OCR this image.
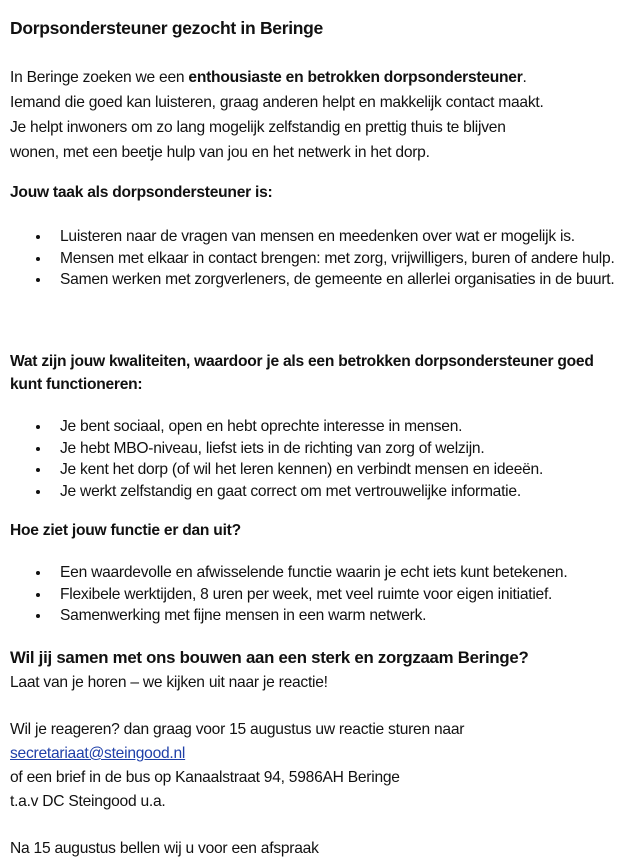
Dorpsondersteuner gezocht in Beringe
In Beringe zoeken we een enthousiaste en betrokken dorpsondersteuner.
Iemand die goed kan luisteren, graag anderen helpt en makkelijk contact maakt.
Je helpt inwoners om zo lang mogelijk zelfstandig en prettig thuis te blijven
wonen, met een beetje hulp van jou en het netwerk in het dorp.
Jouw taak als dorpsondersteuner is:
Luisteren naar de vragen van mensen en meedenken over wat er mogelijk is.
Mensen met elkaar in contact brengen: met zorg, vrijwilligers, buren of andere hulp.
Samen werken met zorgverleners, de gemeente en allerlei organisaties in de buurt.
Wat zijn jouw kwaliteiten, waardoor je als een betrokken dorpsondersteuner goed
kunt functioneren:
Je bent sociaal, open en hebt oprechte interesse in mensen.
Je hebt MBO-niveau, liefst iets in de richting van zorg of welzijn.
Je kent het dorp (of wil het leren kennen) en verbindt mensen en ideeën.
Je werkt zelfstandig en gaat correct om met vertrouwelijke informatie.
Hoe ziet jouw functie er dan uit?
Een waardevolle en afwisselende functie waarin je echt iets kunt betekenen.
Flexibele werktijden, 8 uren per week, met veel ruimte voor eigen initiatief.
Samenwerking met fijne mensen in een warm netwerk.
Wil jij samen met ons bouwen aan een sterk en zorgzaam Beringe?
Laat van je horen – we kijken uit naar je reactie!
Wil je reageren? dan graag voor 15 augustus uw reactie sturen naar
secretariaat@steingood.nl
of een brief in de bus op Kanaalstraat 94, 5986AH Beringe
t.a.v DC Steingood u.a.
Na 15 augustus bellen wij u voor een afspraak
